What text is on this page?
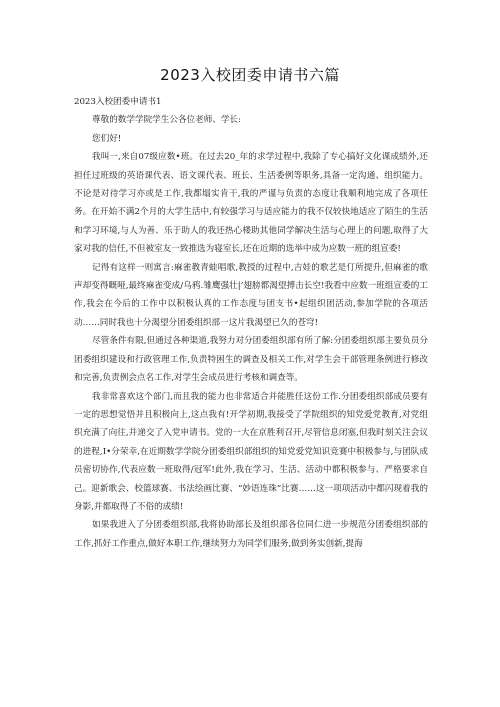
2023入校团委申请书六篇

2023入校团委申请书1

尊敬的数学学院学生公各位老师、学长:

您们好!

我叫一,来自07级应数•班。在过去20_年的求学过程中,我除了专心搞好文化课成绩外,还担任过班级的英语课代表、语文课代表、班长、生活委例等职务,具备一定沟通、组织能力。不论是对待学习亦或是工作,我都塌实肯干,我的严谨与负责的态度让我顺利地完成了各项任务。在开始不满2个月的大学生活中,有较强学习与适应能力的我不仅较快地适应了陌生的生活和学习环境,与人为善、乐于助人的我还热心楼助其他同学解决生活与心理上的问题,取得了大家对我的信任,不但被室友一致推选为寝室长,还在近期的选举中成为应数一班的组宣委!

记得有这样一则寓言:麻雀教青蛙唱歌,教授的过程中,吉娃的歌艺是仃所提升,但麻雀的歌声却变得嘅哑,最终麻雀变成/乌鸦.雏鹰强壮|‘翅膀都渴望搏击长空!我看中应数一班组宣委的工作,我会在今后的工作中以积极认真的工作态度与团支书•起组织团活动,参加学院的各项活动……同时我也十分渴望分团委组织部一这片我渴望已久的苍穹!

尽管条件有限,但通过各种渠道,我努力对分团委组织部有所了解:分团委组织部主要负员分团委组织建设和行政管理工作,负责特困生的调查及相关工作,对学生会干部管理条例进行修改和完善,负责例会点名工作,对学生会成员进行考核和调查等。

我非常喜欢这个部门,而且我的能力也非常适合并能胜任这份工作.分团委组织部成员要有一定的思想觉悟并且积极向上,这点我有!开学初期,我接受了学院组织的知党爱党教育,对党组织充满了向往,并递交了入党申请书。党的一大在京胜利召开,尽管信息闭塞,但我时刻关注会议的进程,Ⅰ•分荣幸,在近期数学学院分团委组织部组织的知党爱党知识竞赛中积极参与,与团队成员密切协作,代表应数一班取得/冠军!此外,我在学习、生活、活动中都积极参与、严格要求自己。迎新歌会、校篮球赛、书法绘画比赛、“妙语连珠”比赛……这一项项活动中都闪现着我的身影,并都取得了不俗的成绩!

如果我进入了分团委组织部,我将协助部长及组织部各位同仁进一步规范分团委组织部的工作,抓好工作重点,做好本职工作,继续努力为同学们服务,做到务实创新,提海
